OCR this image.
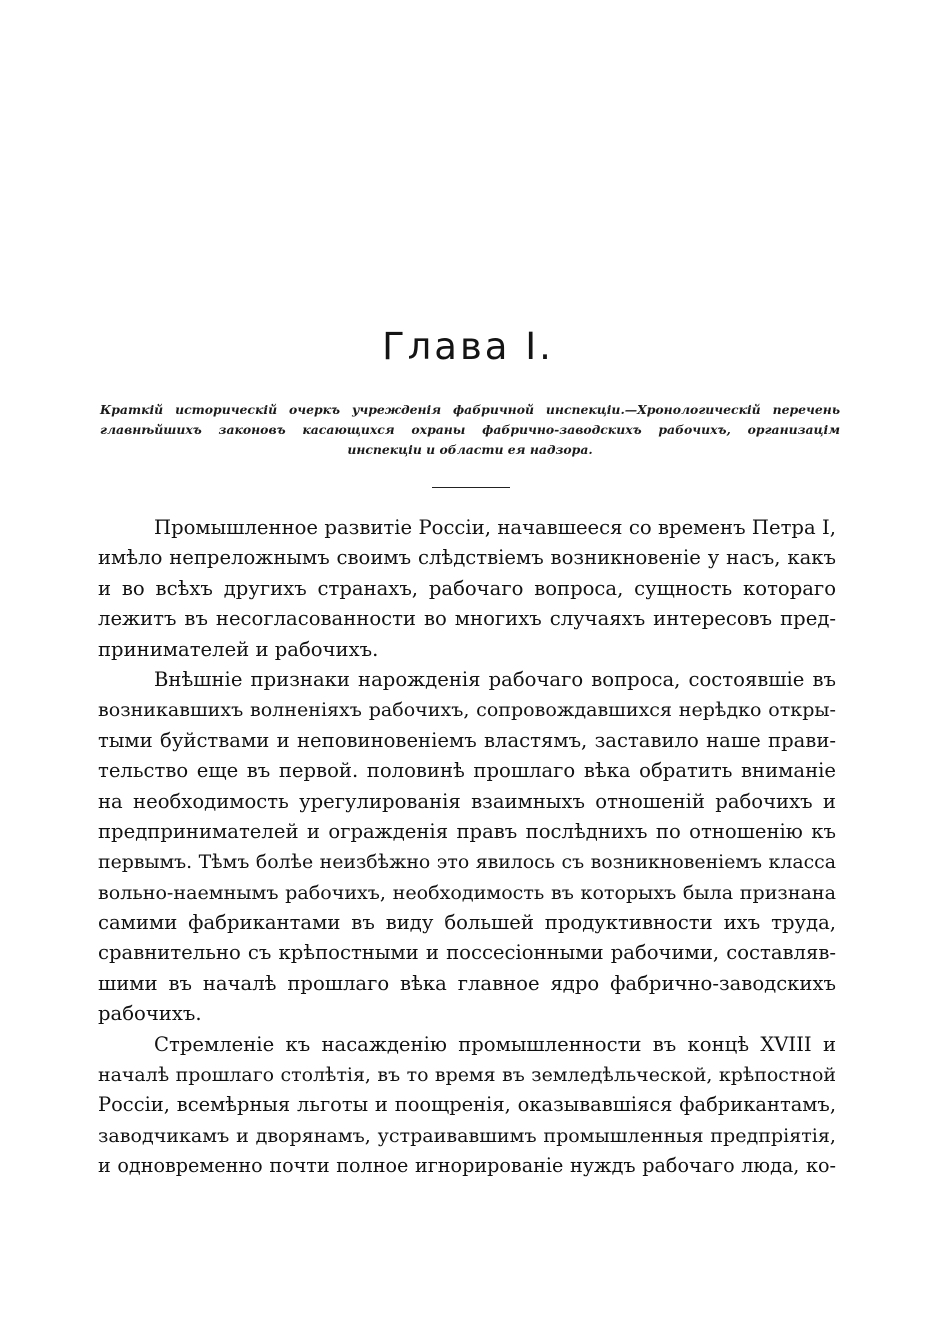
Глава I.
Краткій историческій очеркъ учрежденія фабричной инспекціи.—Хронологическій перечень
главнѣйшихъ законовъ касающихся охраны фабрично-заводскихъ рабочихъ, организацім
инспекціи и области ея надзора.
Промышленное развитіе Россіи, начавшееся со временъ Петра I,
имѣло непреложнымъ своимъ слѣдствіемъ возникновеніе у насъ, какъ
и во всѣхъ другихъ странахъ, рабочаго вопроса, сущность котораго
лежитъ въ несогласованности во многихъ случаяхъ интересовъ пред-
принимателей и рабочихъ.
Внѣшніе признаки нарожденія рабочаго вопроса, состоявшіе въ
возникавшихъ волненіяхъ рабочихъ, сопровождавшихся нерѣдко откры-
тыми буйствами и неповиновеніемъ властямъ, заставило наше прави-
тельство еще въ первой. половинѣ прошлаго вѣка обратить вниманіе
на необходимость урегулированія взаимныхъ отношеній рабочихъ и
предпринимателей и огражденія правъ послѣднихъ по отношенію къ
первымъ. Тѣмъ болѣе неизбѣжно это явилось съ возникновеніемъ класса
вольно-наемнымъ рабочихъ, необходимость въ которыхъ была признана
самими фабрикантами въ виду большей продуктивности ихъ труда,
сравнительно съ крѣпостными и поссесіонными рабочими, составляв-
шими въ началѣ прошлаго вѣка главное ядро фабрично-заводскихъ
рабочихъ.
Стремленіе къ насажденію промышленности въ концѣ XVIII и
началѣ прошлаго столѣтія, въ то время въ земледѣльческой, крѣпостной
Россіи, всемѣрныя льготы и поощренія, оказывавшіяся фабрикантамъ,
заводчикамъ и дворянамъ, устраивавшимъ промышленныя предпріятія,
и одновременно почти полное игнорированіе нуждъ рабочаго люда, ко-
